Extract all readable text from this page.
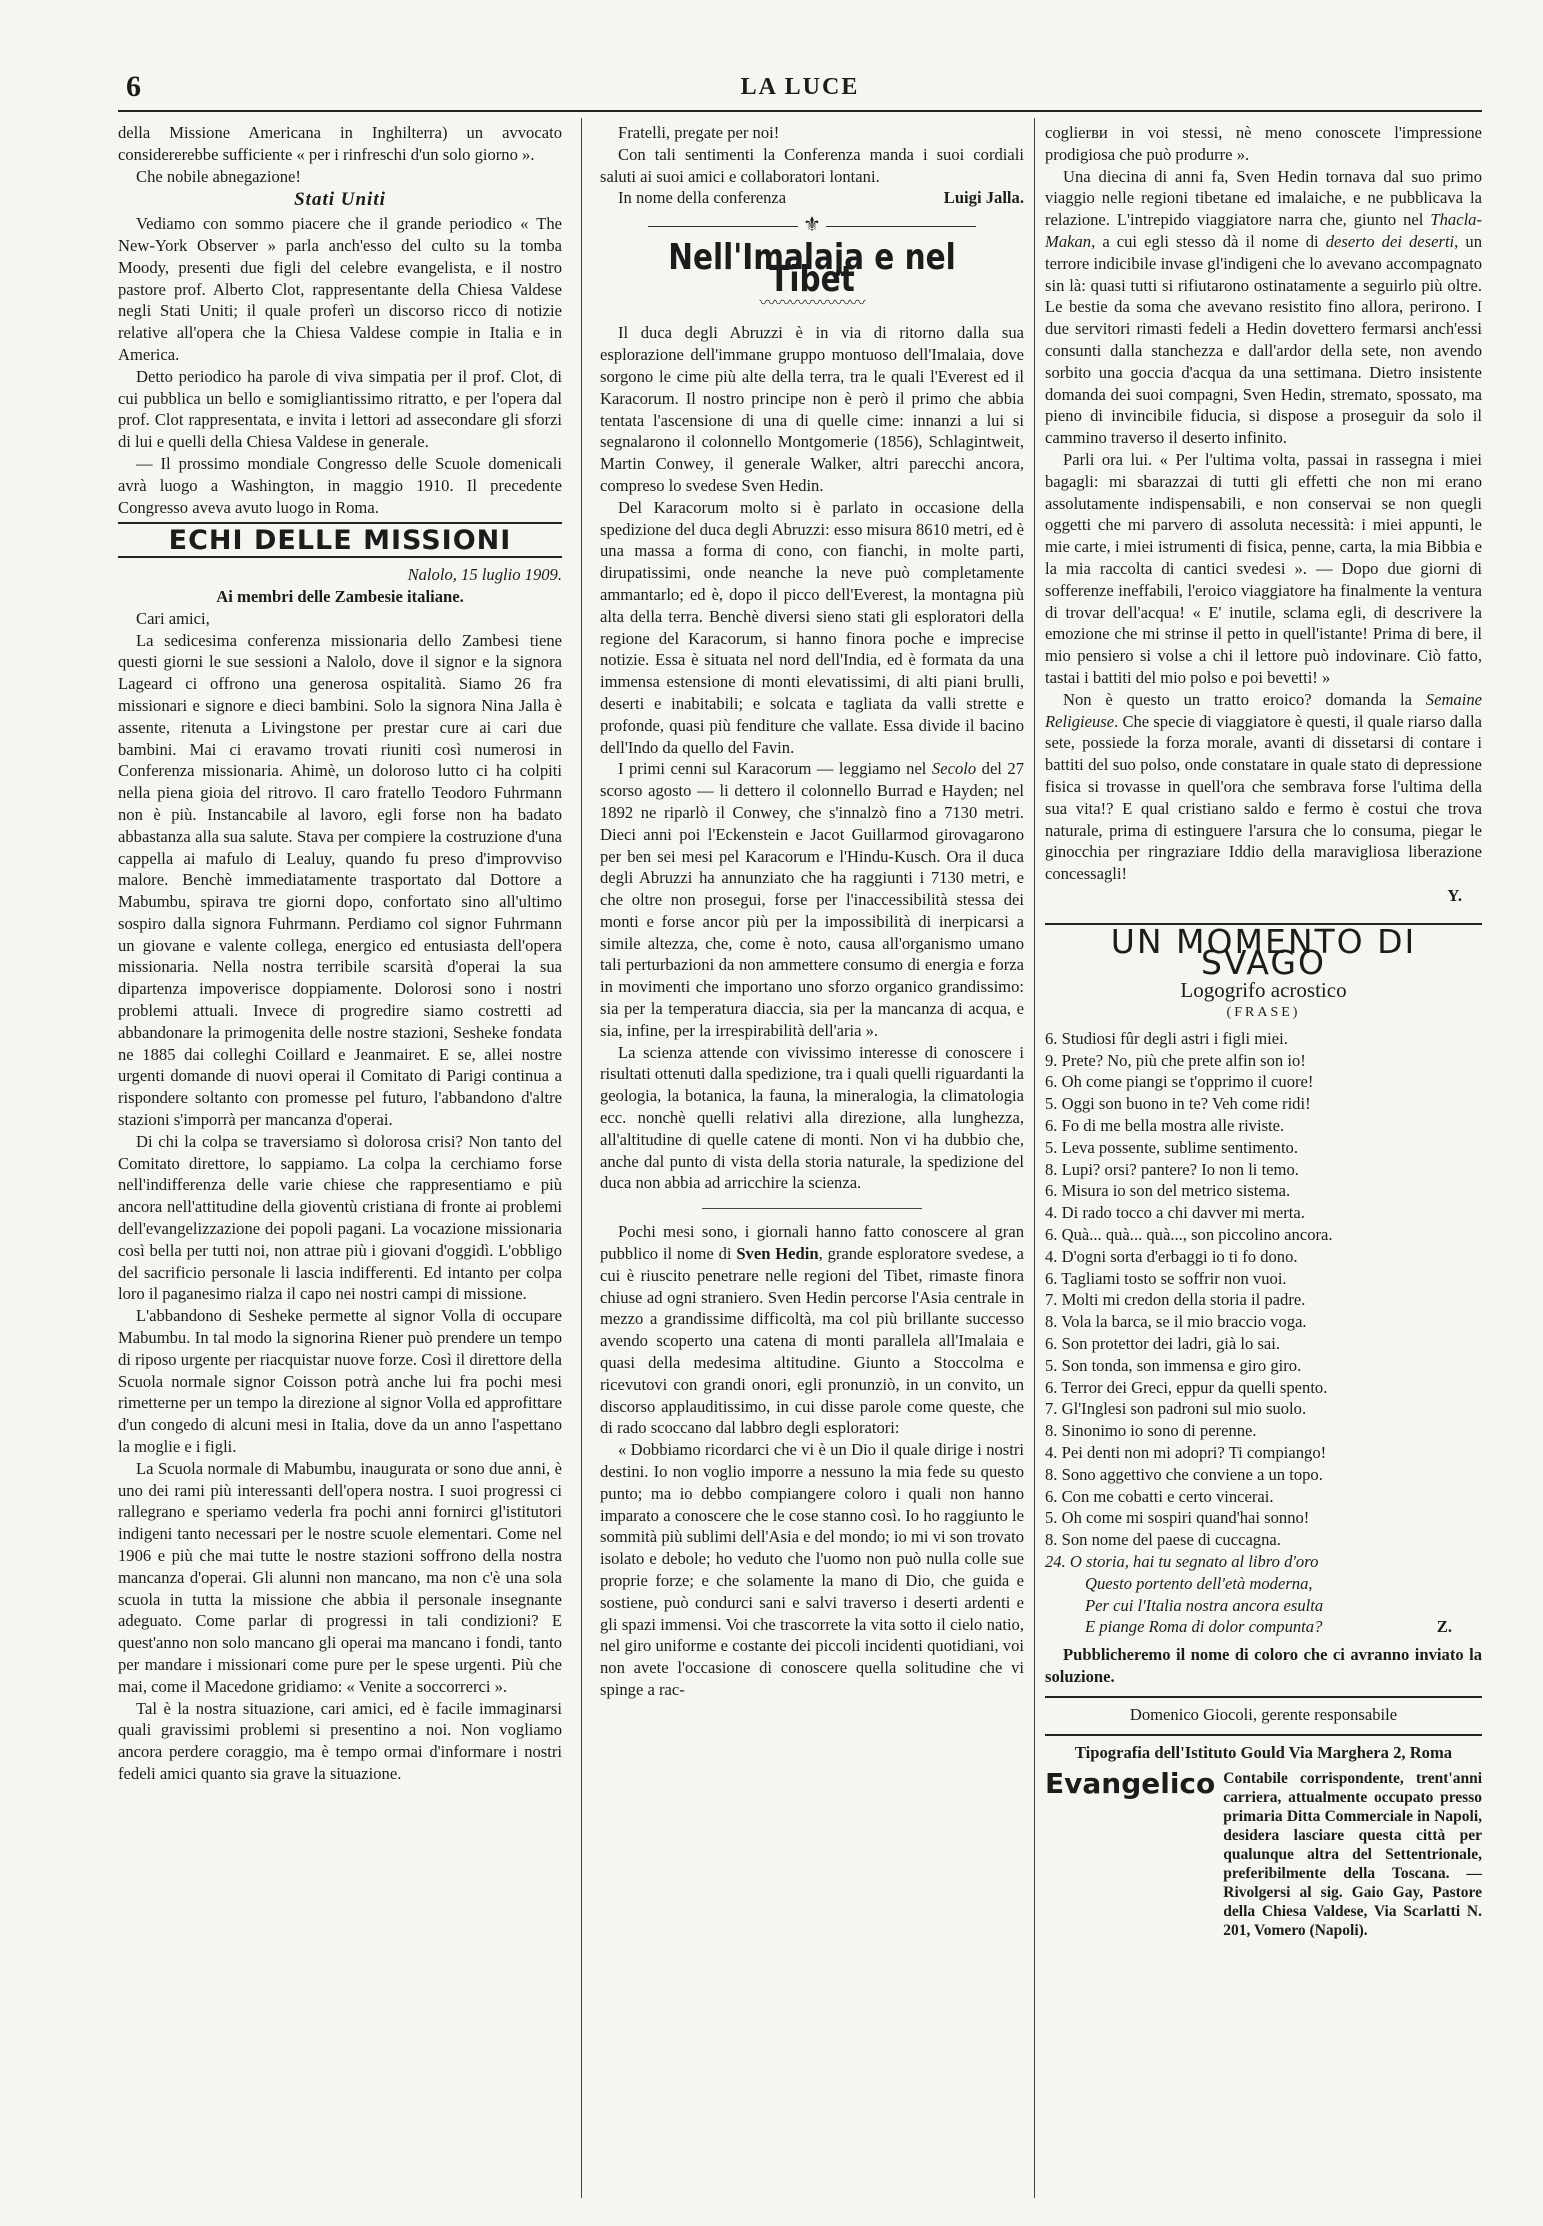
6	LA LUCE

della Missione Americana in Inghilterra) un avvocato considererebbe sufficiente « per i rinfreschi d'un solo giorno ».

Che nobile abnegazione!

Stati Uniti

Vediamo con sommo piacere che il grande periodico « The New-York Observer » parla anch'esso del culto su la tomba Moody, presenti due figli del celebre evangelista, e il nostro pastore prof. Alberto Clot, rappresentante della Chiesa Valdese negli Stati Uniti; il quale proferì un discorso ricco di notizie relative all'opera che la Chiesa Valdese compie in Italia e in America.

Detto periodico ha parole di viva simpatia per il prof. Clot, di cui pubblica un bello e somigliantissimo ritratto, e per l'opera dal prof. Clot rappresentata, e invita i lettori ad assecondare gli sforzi di lui e quelli della Chiesa Valdese in generale.

— Il prossimo mondiale Congresso delle Scuole domenicali avrà luogo a Washington, in maggio 1910. Il precedente Congresso aveva avuto luogo in Roma.

ECHI DELLE MISSIONI
Nalolo, 15 luglio 1909.
Ai membri delle Zambesie italiane.

Cari amici,

La sedicesima conferenza missionaria dello Zambesi tiene questi giorni le sue sessioni a Nalolo, dove il signor e la signora Lageard ci offrono una generosa ospitalità. Siamo 26 fra missionari e signore e dieci bambini. Solo la signora Nina Jalla è assente, ritenuta a Livingstone per prestar cure ai cari due bambini. Mai ci eravamo trovati riuniti così numerosi in Conferenza missionaria. Ahimè, un doloroso lutto ci ha colpiti nella piena gioia del ritrovo. Il caro fratello Teodoro Fuhrmann non è più. Instancabile al lavoro, egli forse non ha badato abbastanza alla sua salute. Stava per compiere la costruzione d'una cappella ai mafulo di Lealuy, quando fu preso d'improvviso malore. Benchè immediatamente trasportato dal Dottore a Mabumbu, spirava tre giorni dopo, confortato sino all'ultimo sospiro dalla signora Fuhrmann. Perdiamo col signor Fuhrmann un giovane e valente collega, energico ed entusiasta dell'opera missionaria. Nella nostra terribile scarsità d'operai la sua dipartenza impoverisce doppiamente. Dolorosi sono i nostri problemi attuali. Invece di progredire siamo costretti ad abbandonare la primogenita delle nostre stazioni, Sesheke fondata ne 1885 dai colleghi Coillard e Jeanmairet. E se, allei nostre urgenti domande di nuovi operai il Comitato di Parigi continua a rispondere soltanto con promesse pel futuro, l'abbandono d'altre stazioni s'imporrà per mancanza d'operai.

Di chi la colpa se traversiamo sì dolorosa crisi? Non tanto del Comitato direttore, lo sappiamo. La colpa la cerchiamo forse nell'indifferenza delle varie chiese che rappresentiamo e più ancora nell'attitudine della gioventù cristiana di fronte ai problemi dell'evangelizzazione dei popoli pagani. La vocazione missionaria così bella per tutti noi, non attrae più i giovani d'oggidì. L'obbligo del sacrificio personale li lascia indifferenti. Ed intanto per colpa loro il paganesimo rialza il capo nei nostri campi di missione.

L'abbandono di Sesheke permette al signor Volla di occupare Mabumbu. In tal modo la signorina Riener può prendere un tempo di riposo urgente per riacquistar nuove forze. Così il direttore della Scuola normale signor Coisson potrà anche lui fra pochi mesi rimetterne per un tempo la direzione al signor Volla ed approfittare d'un congedo di alcuni mesi in Italia, dove da un anno l'aspettano la moglie e i figli.

La Scuola normale di Mabumbu, inaugurata or sono due anni, è uno dei rami più interessanti dell'opera nostra. I suoi progressi ci rallegrano e speriamo vederla fra pochi anni fornirci gl'istitutori indigeni tanto necessari per le nostre scuole elementari. Come nel 1906 e più che mai tutte le nostre stazioni soffrono della nostra mancanza d'operai. Gli alunni non mancano, ma non c'è una sola scuola in tutta la missione che abbia il personale insegnante adeguato. Come parlar di progressi in tali condizioni? E quest'anno non solo mancano gli operai ma mancano i fondi, tanto per mandare i missionari come pure per le spese urgenti. Più che mai, come il Macedone gridiamo: « Venite a soccorrerci ».

Tal è la nostra situazione, cari amici, ed è facile immaginarsi quali gravissimi problemi si presentino a noi. Non vogliamo ancora perdere coraggio, ma è tempo ormai d'informare i nostri fedeli amici quanto sia grave la situazione.

Fratelli, pregate per noi!

Con tali sentimenti la Conferenza manda i suoi cordiali saluti ai suoi amici e collaboratori lontani.

In nome della conferenza	Luigi Jalla.
⚜
Nell'Imalaja e nel Tibet
〰〰〰〰〰〰〰

Il duca degli Abruzzi è in via di ritorno dalla sua esplorazione dell'immane gruppo montuoso dell'Imalaia, dove sorgono le cime più alte della terra, tra le quali l'Everest ed il Karacorum. Il nostro principe non è però il primo che abbia tentata l'ascensione di una di quelle cime: innanzi a lui si segnalarono il colonnello Montgomerie (1856), Schlagintweit, Martin Conwey, il generale Walker, altri parecchi ancora, compreso lo svedese Sven Hedin.

Del Karacorum molto si è parlato in occasione della spedizione del duca degli Abruzzi: esso misura 8610 metri, ed è una massa a forma di cono, con fianchi, in molte parti, dirupatissimi, onde neanche la neve può completamente ammantarlo; ed è, dopo il picco dell'Everest, la montagna più alta della terra. Benchè diversi sieno stati gli esploratori della regione del Karacorum, si hanno finora poche e imprecise notizie. Essa è situata nel nord dell'India, ed è formata da una immensa estensione di monti elevatissimi, di alti piani brulli, deserti e inabitabili; e solcata e tagliata da valli strette e profonde, quasi più fenditure che vallate. Essa divide il bacino dell'Indo da quello del Favin.

I primi cenni sul Karacorum — leggiamo nel Secolo del 27 scorso agosto — li dettero il colonnello Burrad e Hayden; nel 1892 ne riparlò il Conwey, che s'innalzò fino a 7130 metri. Dieci anni poi l'Eckenstein e Jacot Guillarmod girovagarono per ben sei mesi pel Karacorum e l'Hindu-Kusch. Ora il duca degli Abruzzi ha annunziato che ha raggiunti i 7130 metri, e che oltre non prosegui, forse per l'inaccessibilità stessa dei monti e forse ancor più per la impossibilità di inerpicarsi a simile altezza, che, come è noto, causa all'organismo umano tali perturbazioni da non ammettere consumo di energia e forza in movimenti che importano uno sforzo organico grandissimo: sia per la temperatura diaccia, sia per la mancanza di acqua, e sia, infine, per la irrespirabilità dell'aria ».

La scienza attende con vivissimo interesse di conoscere i risultati ottenuti dalla spedizione, tra i quali quelli riguardanti la geologia, la botanica, la fauna, la mineralogia, la climatologia ecc. nonchè quelli relativi alla direzione, alla lunghezza, all'altitudine di quelle catene di monti. Non vi ha dubbio che, anche dal punto di vista della storia naturale, la spedizione del duca non abbia ad arricchire la scienza.

Pochi mesi sono, i giornali hanno fatto conoscere al gran pubblico il nome di Sven Hedin, grande esploratore svedese, a cui è riuscito penetrare nelle regioni del Tibet, rimaste finora chiuse ad ogni straniero. Sven Hedin percorse l'Asia centrale in mezzo a grandissime difficoltà, ma col più brillante successo avendo scoperto una catena di monti parallela all'Imalaia e quasi della medesima altitudine. Giunto a Stoccolma e ricevutovi con grandi onori, egli pronunziò, in un convito, un discorso applauditissimo, in cui disse parole come queste, che di rado scoccano dal labbro degli esploratori:

« Dobbiamo ricordarci che vi è un Dio il quale dirige i nostri destini. Io non voglio imporre a nessuno la mia fede su questo punto; ma io debbo compiangere coloro i quali non hanno imparato a conoscere che le cose stanno così. Io ho raggiunto le sommità più sublimi dell'Asia e del mondo; io mi vi son trovato isolato e debole; ho veduto che l'uomo non può nulla colle sue proprie forze; e che solamente la mano di Dio, che guida e sostiene, può condurci sani e salvi traverso i deserti ardenti e gli spazi immensi. Voi che trascorrete la vita sotto il cielo natio, nel giro uniforme e costante dei piccoli incidenti quotidiani, voi non avete l'occasione di conoscere quella solitudine che vi spinge a rac-

coglierви in voi stessi, nè meno conoscete l'impressione prodigiosa che può produrre ».

Una diecina di anni fa, Sven Hedin tornava dal suo primo viaggio nelle regioni tibetane ed imalaiche, e ne pubblicava la relazione. L'intrepido viaggiatore narra che, giunto nel Thacla-Makan, a cui egli stesso dà il nome di deserto dei deserti, un terrore indicibile invase gl'indigeni che lo avevano accompagnato sin là: quasi tutti si rifiutarono ostinatamente a seguirlo più oltre. Le bestie da soma che avevano resistito fino allora, perirono. I due servitori rimasti fedeli a Hedin dovettero fermarsi anch'essi consunti dalla stanchezza e dall'ardor della sete, non avendo sorbito una goccia d'acqua da una settimana. Dietro insistente domanda dei suoi compagni, Sven Hedin, stremato, spossato, ma pieno di invincibile fiducia, si dispose a proseguir da solo il cammino traverso il deserto infinito.

Parli ora lui. « Per l'ultima volta, passai in rassegna i miei bagagli: mi sbarazzai di tutti gli effetti che non mi erano assolutamente indispensabili, e non conservai se non quegli oggetti che mi parvero di assoluta necessità: i miei appunti, le mie carte, i miei istrumenti di fisica, penne, carta, la mia Bibbia e la mia raccolta di cantici svedesi ». — Dopo due giorni di sofferenze ineffabili, l'eroico viaggiatore ha finalmente la ventura di trovar dell'acqua! « E' inutile, sclama egli, di descrivere la emozione che mi strinse il petto in quell'istante! Prima di bere, il mio pensiero si volse a chi il lettore può indovinare. Ciò fatto, tastai i battiti del mio polso e poi bevetti! »

Non è questo un tratto eroico? domanda la Semaine Religieuse. Che specie di viaggiatore è questi, il quale riarso dalla sete, possiede la forza morale, avanti di dissetarsi di contare i battiti del suo polso, onde constatare in quale stato di depressione fisica si trovasse in quell'ora che sembrava forse l'ultima della sua vita!? E qual cristiano saldo e fermo è costui che trova naturale, prima di estinguere l'arsura che lo consuma, piegar le ginocchia per ringraziare Iddio della maravigliosa liberazione concessagli!

Y.
UN MOMENTO DI SVAGO
Logogrifo acrostico
(FRASE)
6. Studiosi fûr degli astri i figli miei.
9. Prete? No, più che prete alfin son io!
6. Oh come piangi se t'opprimo il cuore!
5. Oggi son buono in te? Veh come ridi!
6. Fo di me bella mostra alle riviste.
5. Leva possente, sublime sentimento.
8. Lupi? orsi? pantere? Io non li temo.
6. Misura io son del metrico sistema.
4. Di rado tocco a chi davver mi merta.
6. Quà... quà... quà..., son piccolino ancora.
4. D'ogni sorta d'erbaggi io ti fo dono.
6. Tagliami tosto se soffrir non vuoi.
7. Molti mi credon della storia il padre.
8. Vola la barca, se il mio braccio voga.
6. Son protettor dei ladri, già lo sai.
5. Son tonda, son immensa e giro giro.
6. Terror dei Greci, eppur da quelli spento.
7. Gl'Inglesi son padroni sul mio suolo.
8. Sinonimo io sono di perenne.
4. Pei denti non mi adopri? Ti compiango!
8. Sono aggettivo che conviene a un topo.
6. Con me cobatti e certo vincerai.
5. Oh come mi sospiri quand'hai sonno!
8. Son nome del paese di cuccagna.
24. O storia, hai tu segnato al libro d'oro
Questo portento dell'età moderna,
Per cui l'Italia nostra ancora esulta
E piange Roma di dolor compunta?	Z.

Pubblicheremo il nome di coloro che ci avranno inviato la soluzione.

Domenico Giocoli, gerente responsabile
Tipografia dell'Istituto Gould Via Margherа 2, Roma
Evangelico Contabile corrispondente, trent'anni carriera, attualmente occupato presso primaria Ditta Commerciale in Napoli, desidera lasciare questa città per qualunque altra del Settentrionale, preferibilmente della Toscana. — Rivolgersi al sig. Gaio Gay, Pastore della Chiesa Valdese, Via Scarlatti N. 201, Vomero (Napoli).
